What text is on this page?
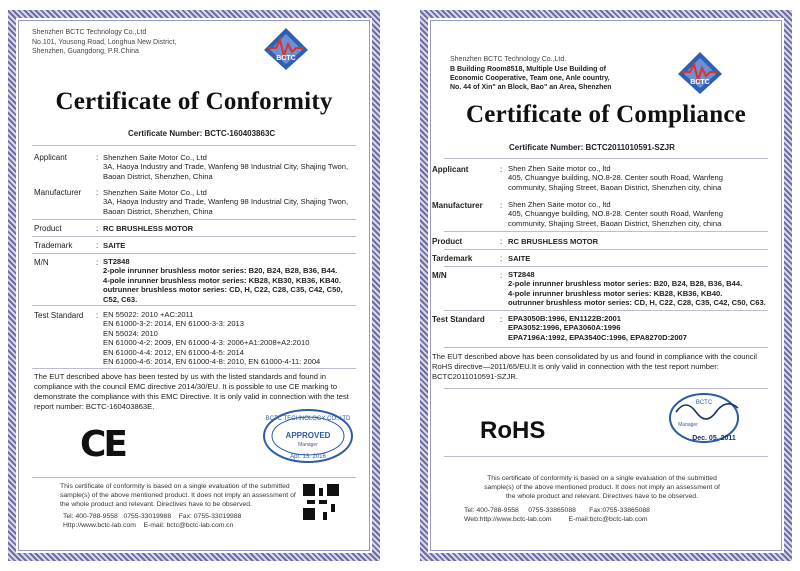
Shenzhen BCTC Technology Co.,Ltd
No.101, Yousong Road, Longhua New District,
Shenzhen, Guangdong, P.R.China
BCTC
Certificate of Conformity
Certificate Number: BCTC-160403863C
Applicant	: Shenzhen Saite Motor Co., Ltd
3A, Haoya Industry and Trade, Wanfeng 98 Industrial City, Shajing Twon,
Baoan District, Shenzhen, China
Manufacturer : Shenzhen Saite Motor Co., Ltd
3A, Haoya Industry and Trade, Wanfeng 98 Industrial City, Shajing Twon,
Baoan District, Shenzhen, China
Product	: RC BRUSHLESS MOTOR
Trademark	: SAITE
M/N	: ST2848
2-pole inrunner brushless motor series: B20, B24, B28, B36, B44.
4-pole inrunner brushless motor series: KB28, KB30, KB36, KB40.
outrunner brushless motor series: CD, H, C22, C28, C35, C42, C50,
C52, C63.
Test Standard : EN 55022: 2010 +AC:2011
EN 61000-3-2: 2014, EN 61000-3-3: 2013
EN 55024: 2010
EN 61000-4-2: 2009, EN 61000-4-3: 2006+A1:2008+A2:2010
EN 61000-4-4: 2012, EN 61000-4-5: 2014
EN 61000-4-6: 2014, EN 61000-4-8: 2010, EN 61000-4-11: 2004
The EUT described above has been tested by us with the listed standards and found in compliance with the council EMC directive 2014/30/EU. It is possible to use CE marking to demonstrate the compliance with this EMC Directive. It is only valid in connection with the test report number: BCTC-160403863E.
CE
BCTC TECHNOLOGY CO.,LTD
APPROVED
Manager
Apr. 13, 2016
This certificate of conformity is based on a single evaluation of the submitted
sample(s) of the above mentioned product. It does not imply an assessment of
the whole product and relevant. Directives have to be observed.
Tel: 400-788-9558 0755-33019988 Fax: 0755-33019988
Http://www.bctc-lab.com E-mail: bctc@bctc-lab.com.cn
Shenzhen BCTC Technology Co.,Ltd.
B Building Room8518, Multiple Use Building of
Economic Cooperative, Team one, Anle country,
No. 44 of Xin" an Block, Bao" an Area, Shenzhen
BCTC
Certificate of Compliance
Certificate Number: BCTC2011010591-SZJR
Applicant	: Shen Zhen Saite motor co., ltd
405, Chuangye building, NO.8-28. Center south Road, Wanfeng
community, Shajing Street, Baoan District, Shenzhen city, china
Manufacturer : Shen Zhen Saite motor co., ltd
405, Chuangye building, NO.8-28. Center south Road, Wanfeng
community, Shajing Street, Baoan District, Shenzhen city, china
Product	: RC BRUSHLESS MOTOR
Tardemark	: SAITE
M/N	: ST2848
2-pole inrunner brushless motor series: B20, B24, B28, B36, B44.
4-pole inrunner brushless motor series: KB28, KB36, KB40.
outrunner brushless motor series: CD, H, C22, C28, C35, C42, C50, C63.
Test Standard : EPA3050B:1996, EN1122B:2001
EPA3052:1996, EPA3060A:1996
EPA7196A:1992, EPA3540C:1996, EPA8270D:2007
The EUT described above has been consolidated by us and found in compliance with the council RoHS directive—2011/65/EU.It is only valid in connection with the test report number: BCTC2011010591-SZJR.
RoHS
BCTC
Manager
Dec. 05, 2011
This certificate of conformity is based on a single evaluation of the submitted
sample(s) of the above mentioned product. It does not imply an assessment of
the whole product and relevant. Directives have to be observed.
Tel: 400-788-9558 0755-33865088 Fax:0755-33865088
Web:http://www.bctc-lab.com	E-mail:bctc@bctc-lab.com
